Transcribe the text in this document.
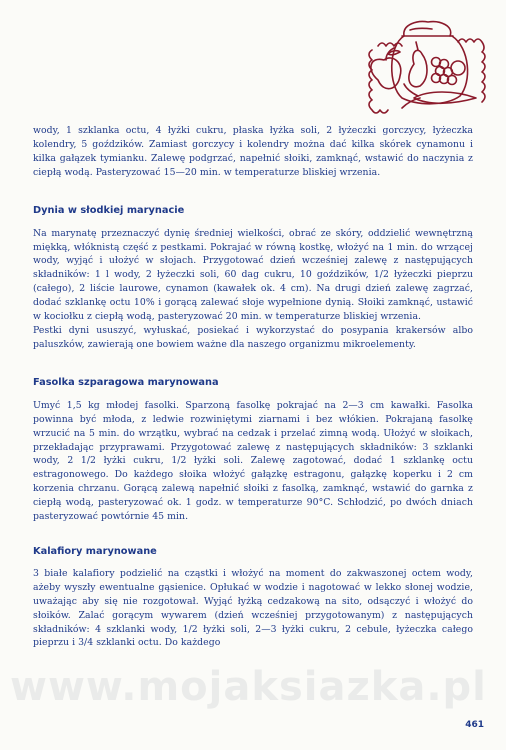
wody, 1 szklanka octu, 4 łyżki cukru, płaska łyżka soli, 2 łyżeczki gorczycy, łyżeczka kolendry, 5 goździków. Zamiast gorczycy i kolendry można dać kilka skórek cynamonu i kilka gałązek tymianku. Zalewę podgrzać, napełnić słoiki, zamknąć, wstawić do naczynia z ciepłą wodą. Pasteryzować 15—20 min. w temperaturze bliskiej wrzenia.

Dynia w słodkiej marynacie

Na marynatę przeznaczyć dynię średniej wielkości, obrać ze skóry, oddzielić wewnętrzną miękką, włóknistą część z pestkami. Pokrajać w równą kostkę, włożyć na 1 min. do wrzącej wody, wyjąć i ułożyć w słojach. Przygotować dzień wcześniej zalewę z następujących składników: 1 l wody, 2 łyżeczki soli, 60 dag cukru, 10 goździków, 1/2 łyżeczki pieprzu (całego), 2 liście laurowe, cynamon (kawałek ok. 4 cm). Na drugi dzień zalewę zagrzać, dodać szklankę octu 10% i gorącą zalewać słoje wypełnione dynią. Słoiki zamknąć, ustawić w kociołku z ciepłą wodą, pasteryzować 20 min. w temperaturze bliskiej wrzenia.

Pestki dyni ususzyć, wyłuskać, posiekać i wykorzystać do posypania krakersów albo paluszków, zawierają one bowiem ważne dla naszego organizmu mikroelementy.

Fasolka szparagowa marynowana

Umyć 1,5 kg młodej fasolki. Sparzoną fasolkę pokrajać na 2—3 cm kawałki. Fasolka powinna być młoda, z ledwie rozwiniętymi ziarnami i bez włókien. Pokrajaną fasolkę wrzucić na 5 min. do wrzątku, wybrać na cedzak i przelać zimną wodą. Ułożyć w słoikach, przekładając przyprawami. Przygotować zalewę z następujących składników: 3 szklanki wody, 2 1/2 łyżki cukru, 1/2 łyżki soli. Zalewę zagotować, dodać 1 szklankę octu estragonowego. Do każdego słoika włożyć gałązkę estragonu, gałązkę koperku i 2 cm korzenia chrzanu. Gorącą zalewą napełnić słoiki z fasolką, zamknąć, wstawić do garnka z ciepłą wodą, pasteryzować ok. 1 godz. w temperaturze 90°C. Schłodzić, po dwóch dniach pasteryzować powtórnie 45 min.

Kalafiory marynowane

3 białe kalafiory podzielić na cząstki i włożyć na moment do zakwaszonej octem wody, ażeby wyszły ewentualne gąsienice. Opłukać w wodzie i nagotować w lekko słonej wodzie, uważając aby się nie rozgotował. Wyjąć łyżką cedzakową na sito, odsączyć i włożyć do słoików. Zalać gorącym wywarem (dzień wcześniej przygotowanym) z następujących składników: 4 szklanki wody, 1/2 łyżki soli, 2—3 łyżki cukru, 2 cebule, łyżeczka całego pieprzu i 3/4 szklanki octu. Do każdego

www.mojaksiazka.pl
461
